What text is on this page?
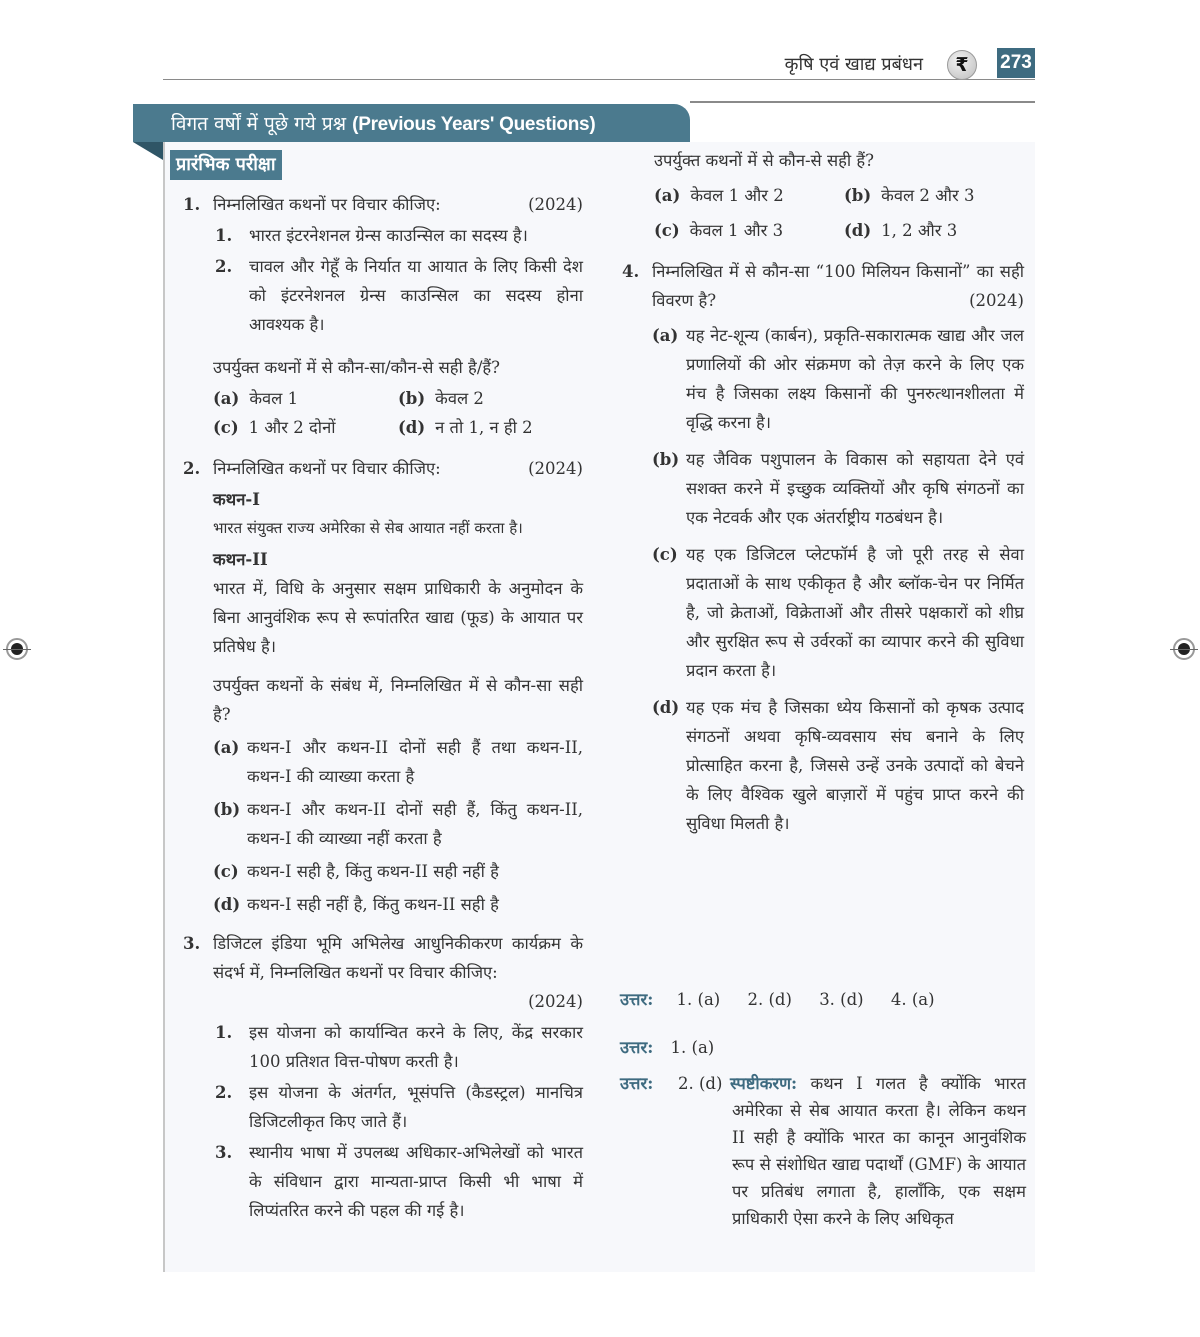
कृषि एवं खाद्य प्रबंधन	₹	273
विगत वर्षों में पूछे गये प्रश्न (Previous Years' Questions)
प्रारंभिक परीक्षा
1. निम्नलिखित कथनों पर विचार कीजिए:	(2024)
1. भारत इंटरनेशनल ग्रेन्स काउन्सिल का सदस्य है।
2. चावल और गेहूँ के निर्यात या आयात के लिए किसी देश को इंटरनेशनल ग्रेन्स काउन्सिल का सदस्य होना आवश्यक है।
उपर्युक्त कथनों में से कौन-सा/कौन-से सही है/हैं?
(a) केवल 1	(b) केवल 2
(c) 1 और 2 दोनों	(d) न तो 1, न ही 2
2. निम्नलिखित कथनों पर विचार कीजिए:	(2024)
कथन-I
भारत संयुक्त राज्य अमेरिका से सेब आयात नहीं करता है।
कथन-II
भारत में, विधि के अनुसार सक्षम प्राधिकारी के अनुमोदन के बिना आनुवंशिक रूप से रूपांतरित खाद्य (फूड) के आयात पर प्रतिषेध है।
उपर्युक्त कथनों के संबंध में, निम्नलिखित में से कौन-सा सही है?
(a) कथन-I और कथन-II दोनों सही हैं तथा कथन-II, कथन-I की व्याख्या करता है
(b) कथन-I और कथन-II दोनों सही हैं, किंतु कथन-II, कथन-I की व्याख्या नहीं करता है
(c) कथन-I सही है, किंतु कथन-II सही नहीं है
(d) कथन-I सही नहीं है, किंतु कथन-II सही है
3. डिजिटल इंडिया भूमि अभिलेख आधुनिकीकरण कार्यक्रम के संदर्भ में, निम्नलिखित कथनों पर विचार कीजिए:
(2024)
1. इस योजना को कार्यान्वित करने के लिए, केंद्र सरकार 100 प्रतिशत वित्त-पोषण करती है।
2. इस योजना के अंतर्गत, भूसंपत्ति (कैडस्ट्रल) मानचित्र डिजिटलीकृत किए जाते हैं।
3. स्थानीय भाषा में उपलब्ध अधिकार-अभिलेखों को भारत के संविधान द्वारा मान्यता-प्राप्त किसी भी भाषा में लिप्यंतरित करने की पहल की गई है।
उपर्युक्त कथनों में से कौन-से सही हैं?
(a) केवल 1 और 2	(b) केवल 2 और 3
(c) केवल 1 और 3	(d) 1, 2 और 3
4. निम्नलिखित में से कौन-सा “100 मिलियन किसानों” का सही विवरण है?	(2024)
(a) यह नेट-शून्य (कार्बन), प्रकृति-सकारात्मक खाद्य और जल प्रणालियों की ओर संक्रमण को तेज़ करने के लिए एक मंच है जिसका लक्ष्य किसानों की पुनरुत्थानशीलता में वृद्धि करना है।
(b) यह जैविक पशुपालन के विकास को सहायता देने एवं सशक्त करने में इच्छुक व्यक्तियों और कृषि संगठनों का एक नेटवर्क और एक अंतर्राष्ट्रीय गठबंधन है।
(c) यह एक डिजिटल प्लेटफॉर्म है जो पूरी तरह से सेवा प्रदाताओं के साथ एकीकृत है और ब्लॉक-चेन पर निर्मित है, जो क्रेताओं, विक्रेताओं और तीसरे पक्षकारों को शीघ्र और सुरक्षित रूप से उर्वरकों का व्यापार करने की सुविधा प्रदान करता है।
(d) यह एक मंच है जिसका ध्येय किसानों को कृषक उत्पाद संगठनों अथवा कृषि-व्यवसाय संघ बनाने के लिए प्रोत्साहित करना है, जिससे उन्हें उनके उत्पादों को बेचने के लिए वैश्विक खुले बाज़ारों में पहुंच प्राप्त करने की सुविधा मिलती है।
उत्तर: 1. (a) 2. (d) 3. (d) 4. (a)
उत्तर: 1. (a)
उत्तर: 2. (d) स्पष्टीकरण: कथन I गलत है क्योंकि भारत अमेरिका से सेब आयात करता है। लेकिन कथन II सही है क्योंकि भारत का कानून आनुवंशिक रूप से संशोधित खाद्य पदार्थों (GMF) के आयात पर प्रतिबंध लगाता है, हालाँकि, एक सक्षम प्राधिकारी ऐसा करने के लिए अधिकृत
